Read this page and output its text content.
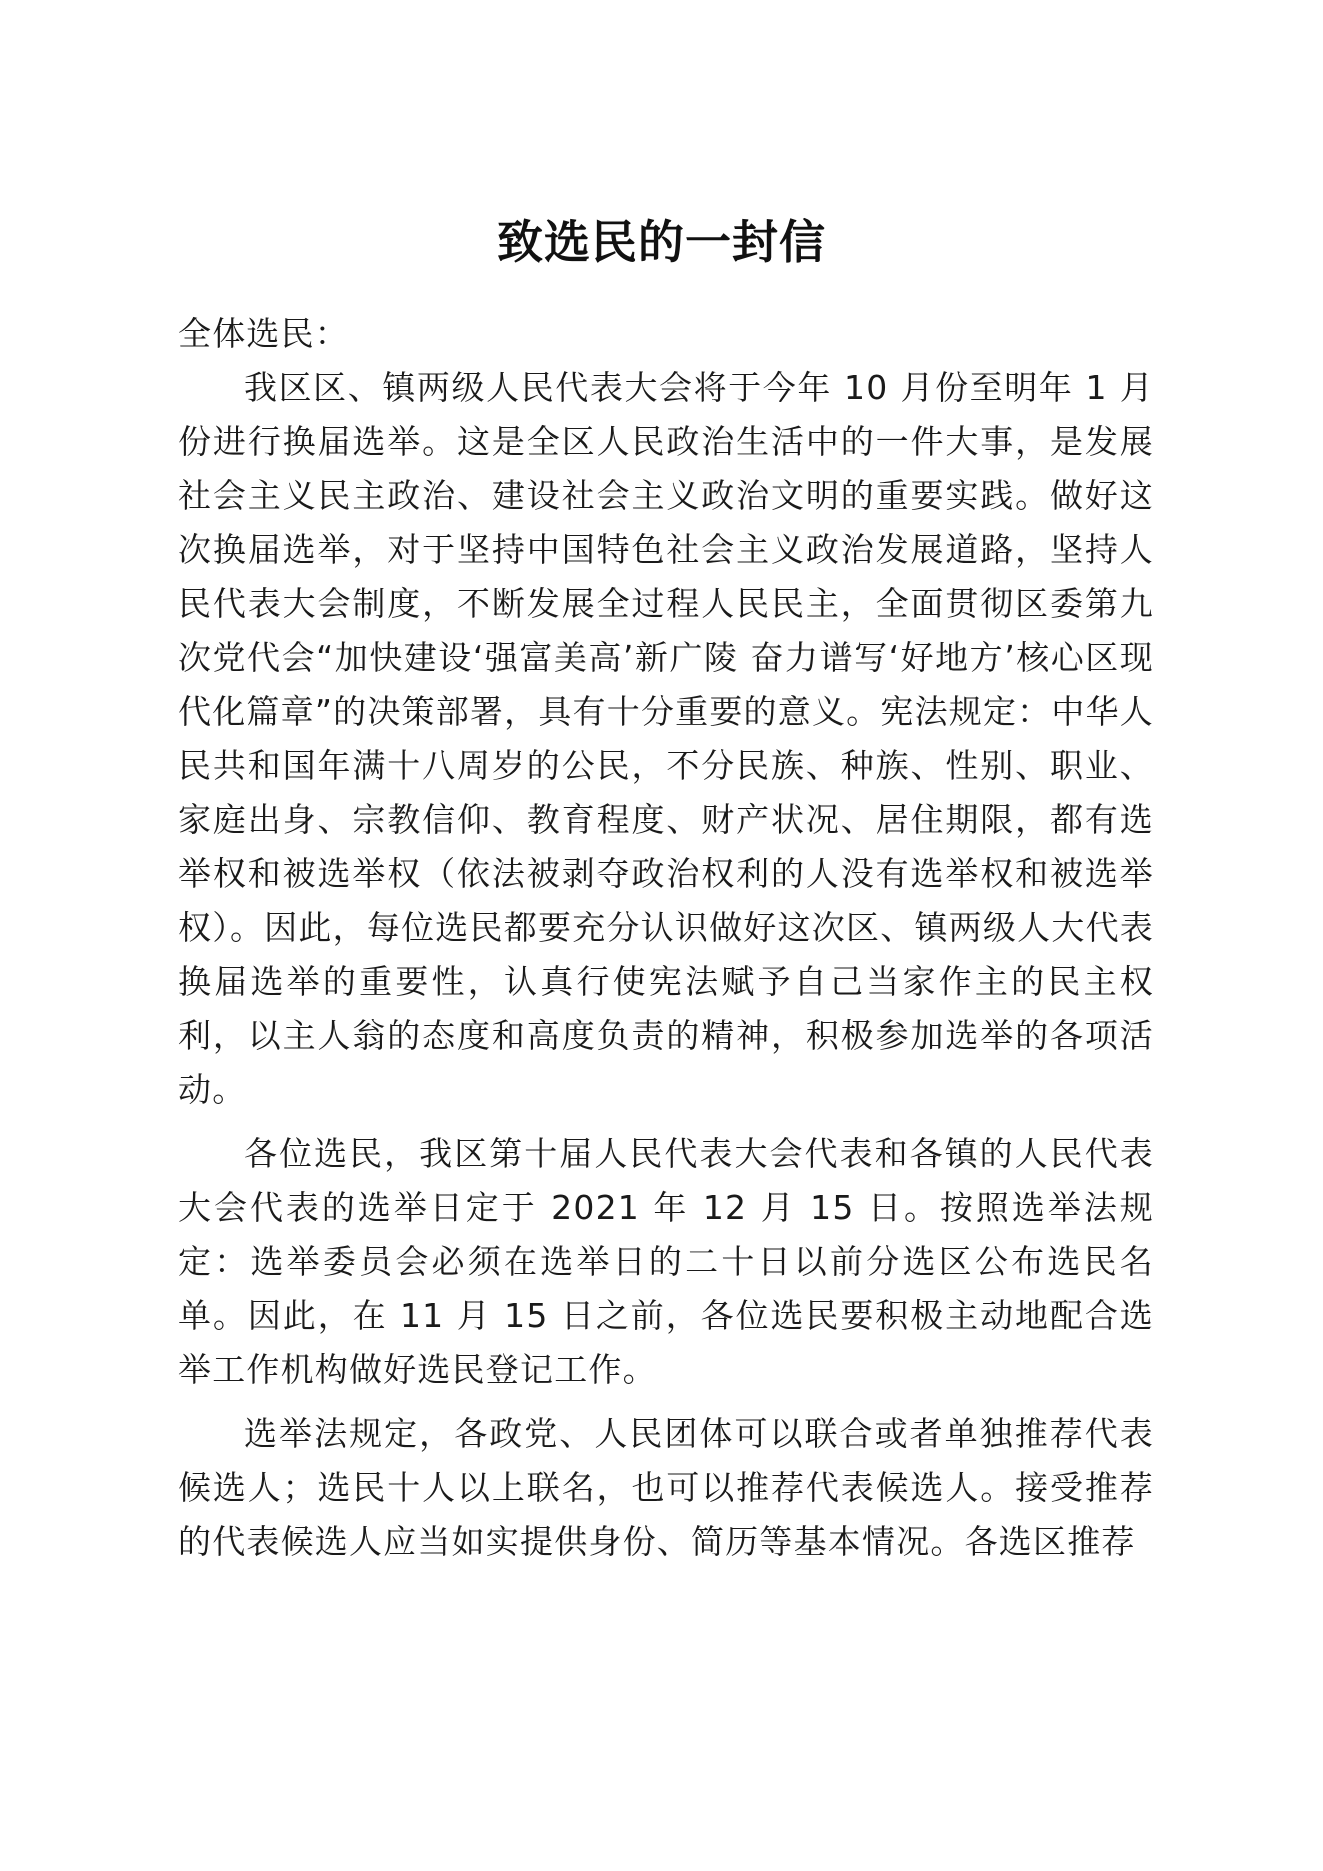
致选民的一封信

全体选民：

我区区、镇两级人民代表大会将于今年 10 月份至明年 1 月份进行换届选举。这是全区人民政治生活中的一件大事，是发展社会主义民主政治、建设社会主义政治文明的重要实践。做好这次换届选举，对于坚持中国特色社会主义政治发展道路，坚持人民代表大会制度，不断发展全过程人民民主，全面贯彻区委第九次党代会“加快建设‘强富美高’新广陵 奋力谱写‘好地方’核心区现代化篇章”的决策部署，具有十分重要的意义。宪法规定：中华人民共和国年满十八周岁的公民，不分民族、种族、性别、职业、家庭出身、宗教信仰、教育程度、财产状况、居住期限，都有选举权和被选举权（依法被剥夺政治权利的人没有选举权和被选举权）。因此，每位选民都要充分认识做好这次区、镇两级人大代表换届选举的重要性，认真行使宪法赋予自己当家作主的民主权利，以主人翁的态度和高度负责的精神，积极参加选举的各项活动。

各位选民，我区第十届人民代表大会代表和各镇的人民代表大会代表的选举日定于 2021 年 12 月 15 日。按照选举法规定：选举委员会必须在选举日的二十日以前分选区公布选民名单。因此，在 11 月 15 日之前，各位选民要积极主动地配合选举工作机构做好选民登记工作。

选举法规定，各政党、人民团体可以联合或者单独推荐代表候选人；选民十人以上联名，也可以推荐代表候选人。接受推荐的代表候选人应当如实提供身份、简历等基本情况。各选区推荐
